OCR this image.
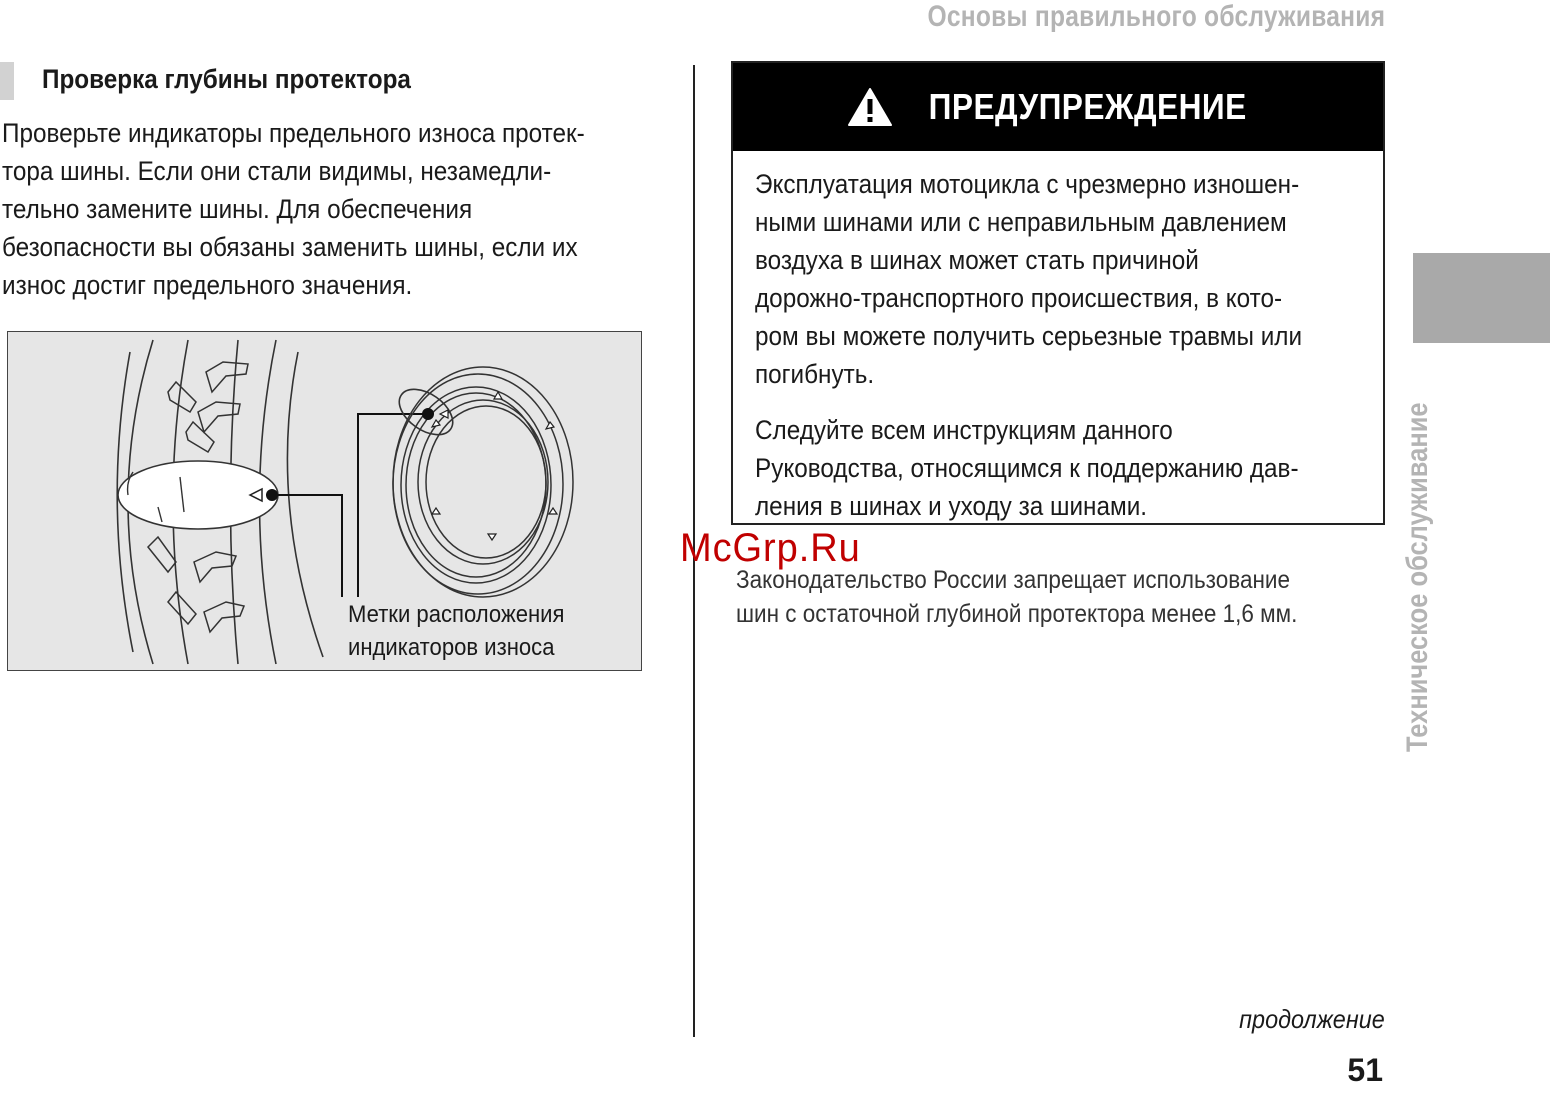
Основы правильного обслуживания
Проверка глубины протектора
Проверьте индикаторы предельного износа протек-
тора шины. Если они стали видимы, незамедли-
тельно замените шины. Для обеспечения
безопасности вы обязаны заменить шины, если их
износ достиг предельного значения.
Метки расположения
индикаторов износа
ПРЕДУПРЕЖДЕНИЕ
Эксплуатация мотоцикла с чрезмерно изношен-
ными шинами или с неправильным давлением
воздуха в шинах может стать причиной
дорожно-транспортного происшествия, в кото-
ром вы можете получить серьезные травмы или
погибнуть.
Следуйте всем инструкциям данного
Руководства, относящимся к поддержанию дав-
ления в шинах и уходу за шинами.
McGrp.Ru
Законодательство России запрещает использование
шин с остаточной глубиной протектора менее 1,6 мм.	Техническое обслуживание
продолжение
51
